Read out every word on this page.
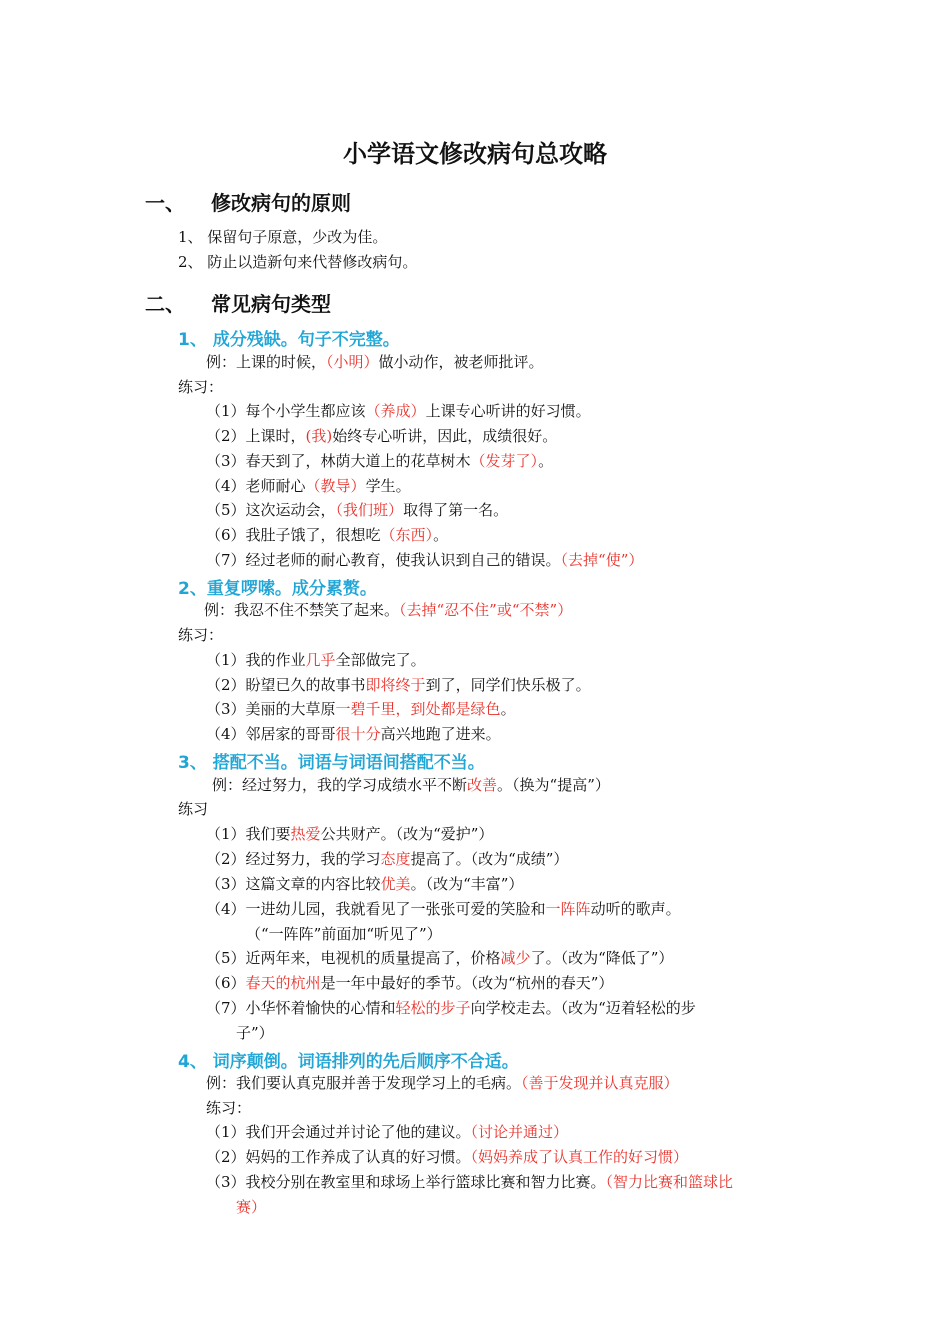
小学语文修改病句总攻略
一、 修改病句的原则
1、 保留句子原意，少改为佳。
2、 防止以造新句来代替修改病句。
二、 常见病句类型
1、 成分残缺。句子不完整。
例：上课的时候，（小明）做小动作，被老师批评。
练习：
（1）每个小学生都应该（养成）上课专心听讲的好习惯。
（2）上课时，(我)始终专心听讲，因此，成绩很好。
（3）春天到了，林荫大道上的花草树木（发芽了）。
（4）老师耐心（教导）学生。
（5）这次运动会，（我们班）取得了第一名。
（6）我肚子饿了，很想吃（东西）。
（7）经过老师的耐心教育，使我认识到自己的错误。（去掉“使”）
2、重复啰嗦。成分累赘。
例：我忍不住不禁笑了起来。（去掉“忍不住”或“不禁”）
练习：
（1）我的作业几乎全部做完了。
（2）盼望已久的故事书即将终于到了，同学们快乐极了。
（3）美丽的大草原一碧千里，到处都是绿色。
（4）邻居家的哥哥很十分高兴地跑了进来。
3、 搭配不当。词语与词语间搭配不当。
例：经过努力，我的学习成绩水平不断改善。（换为“提高”）
练习
（1）我们要热爱公共财产。（改为“爱护”）
（2）经过努力，我的学习态度提高了。（改为“成绩”）
（3）这篇文章的内容比较优美。（改为“丰富”）
（4）一进幼儿园，我就看见了一张张可爱的笑脸和一阵阵动听的歌声。
（“一阵阵”前面加“听见了”）
（5）近两年来，电视机的质量提高了，价格减少了。（改为“降低了”）
（6）春天的杭州是一年中最好的季节。（改为“杭州的春天”）
（7）小华怀着愉快的心情和轻松的步子向学校走去。（改为“迈着轻松的步
子”）
4、 词序颠倒。词语排列的先后顺序不合适。
例：我们要认真克服并善于发现学习上的毛病。（善于发现并认真克服）
练习：
（1）我们开会通过并讨论了他的建议。（讨论并通过）
（2）妈妈的工作养成了认真的好习惯。（妈妈养成了认真工作的好习惯）
（3）我校分别在教室里和球场上举行篮球比赛和智力比赛。（智力比赛和篮球比
赛）
